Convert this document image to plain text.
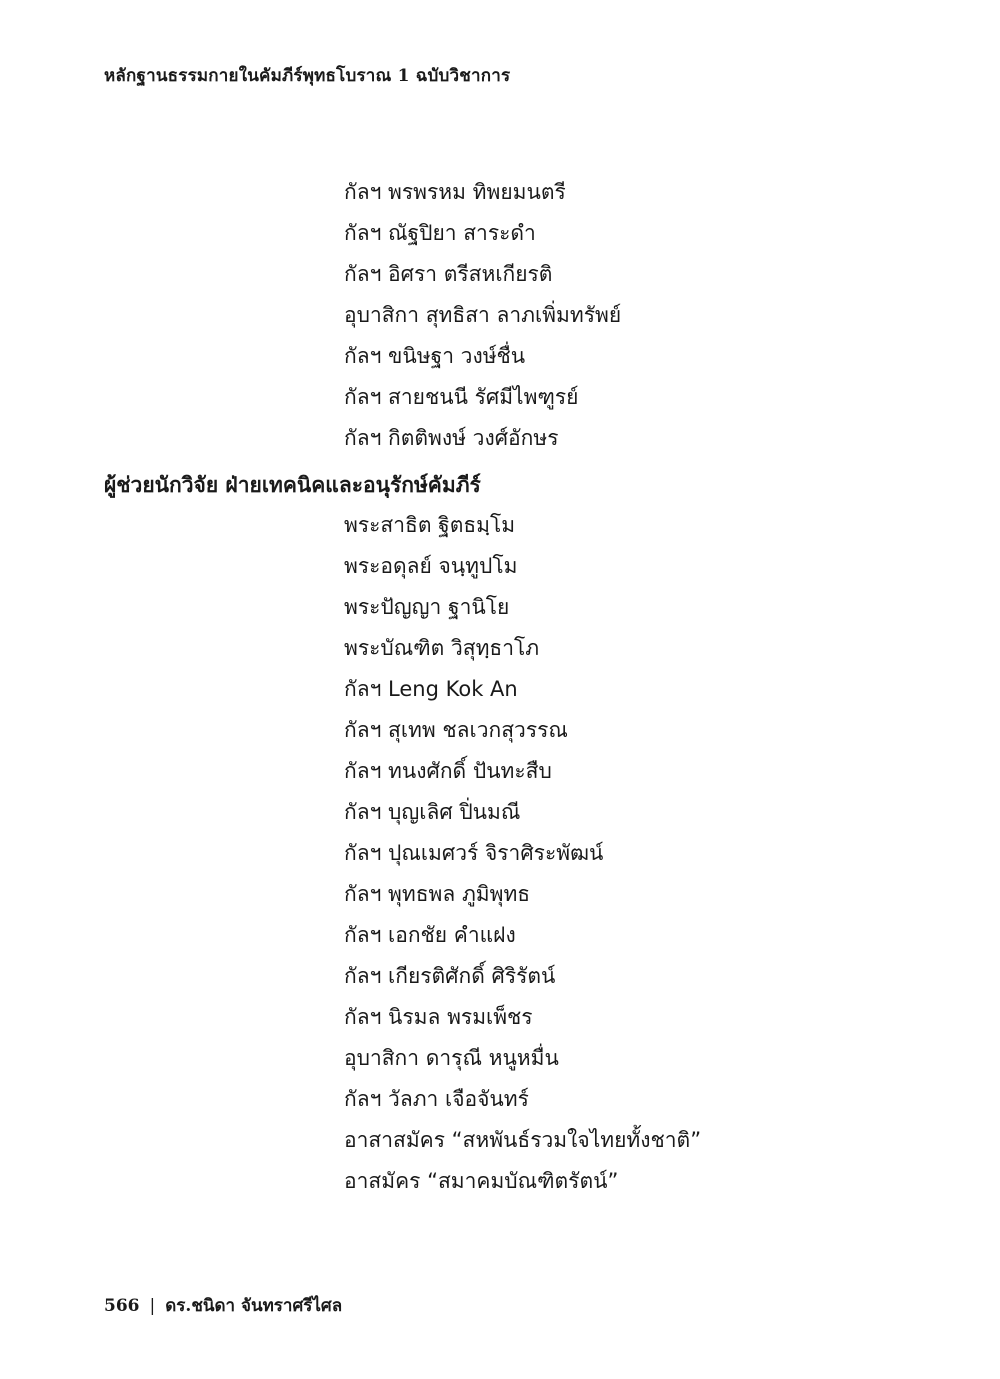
หลักฐานธรรมกายในคัมภีร์พุทธโบราณ 1 ฉบับวิชาการ
กัลฯ พรพรหม ทิพยมนตรี
กัลฯ ณัฐปิยา สาระดำ
กัลฯ อิศรา ตรีสหเกียรติ
อุบาสิกา สุทธิสา ลาภเพิ่มทรัพย์
กัลฯ ขนิษฐา วงษ์ชื่น
กัลฯ สายชนนี รัศมีไพฑูรย์
กัลฯ กิตติพงษ์ วงศ์อักษร
ผู้ช่วยนักวิจัย ฝ่ายเทคนิคและอนุรักษ์คัมภีร์
พระสาธิต ฐิตธมฺโม
พระอดุลย์ จนฺทูปโม
พระปัญญา ฐานิโย
พระบัณฑิต วิสุทฺธาโภ
กัลฯ Leng Kok An
กัลฯ สุเทพ ชลเวกสุวรรณ
กัลฯ ทนงศักดิ์ ปันทะสืบ
กัลฯ บุญเลิศ ปิ่นมณี
กัลฯ ปุณเมศวร์ จิราศิระพัฒน์
กัลฯ พุทธพล ภูมิพุทธ
กัลฯ เอกชัย คำแฝง
กัลฯ เกียรติศักดิ์ ศิริรัตน์
กัลฯ นิรมล พรมเพ็ชร
อุบาสิกา ดารุณี หนูหมื่น
กัลฯ วัลภา เจือจันทร์
อาสาสมัคร “สหพันธ์รวมใจไทยทั้งชาติ”
อาสมัคร “สมาคมบัณฑิตรัตน์”
566 | ดร.ชนิดา จันทราศรีไศล
